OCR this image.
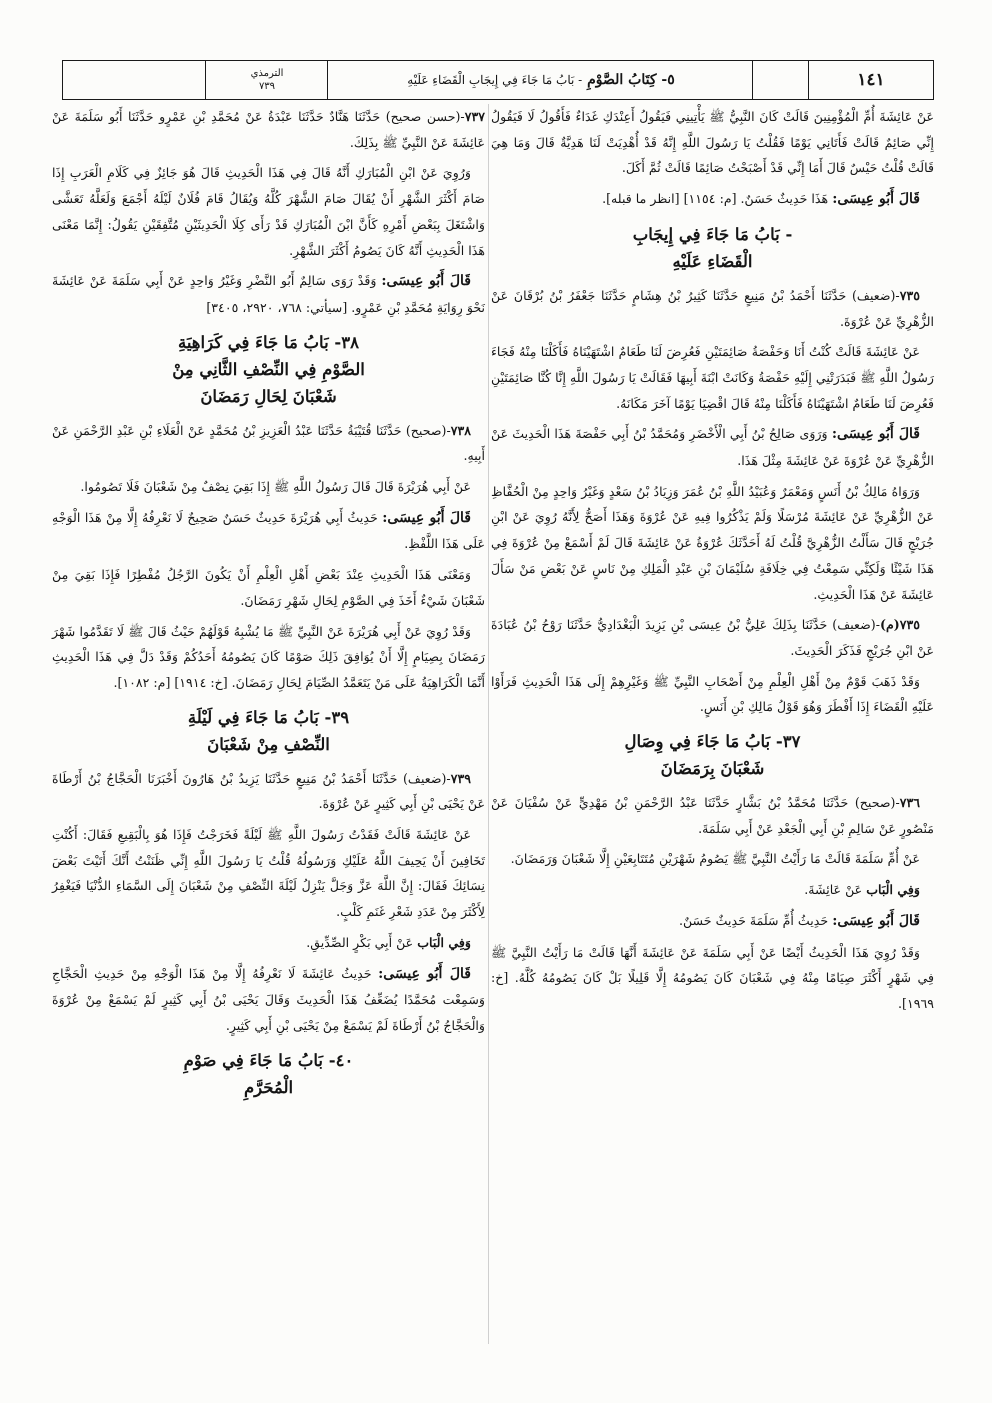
١٤١
٥- كِتَابُ الصَّوْمِ

- بَابُ مَا جَاءَ فِي إِيجَابِ الْقَضَاءِ عَلَيْهِ
الترمذي
٧٣٩

عَنْ عَائِشَةَ أُمِّ الْمُؤْمِنِينَ قَالَتْ كَانَ النَّبِيُّ ﷺ يَأْتِينِي فَيَقُولُ أَعِنْدَكِ غَدَاءٌ فَأَقُولُ لَا فَيَقُولُ إِنِّي صَائِمٌ قَالَتْ فَأَتَانِي يَوْمًا فَقُلْتُ يَا رَسُولَ اللَّهِ إِنَّهُ قَدْ أُهْدِيَتْ لَنَا هَدِيَّةٌ قَالَ وَمَا هِيَ قَالَتْ قُلْتُ حَيْسٌ قَالَ أَمَا إِنِّي قَدْ أَصْبَحْتُ صَائِمًا قَالَتْ ثُمَّ أَكَلَ.

قَالَ أَبُو عِيسَى: هَذَا حَدِيثٌ حَسَنٌ. [م: ١١٥٤] [انظر ما قبله].

- بَابُ مَا جَاءَ فِي إِيجَابِ
الْقَضَاءِ عَلَيْهِ

٧٣٥-(ضعيف) حَدَّثَنَا أَحْمَدُ بْنُ مَنِيعٍ حَدَّثَنَا كَثِيرُ بْنُ هِشَامٍ حَدَّثَنَا جَعْفَرُ بْنُ بُرْقَانَ عَنْ الزُّهْرِيِّ عَنْ عُرْوَةَ.

عَنْ عَائِشَةَ قَالَتْ كُنْتُ أَنَا وَحَفْصَةُ صَائِمَتَيْنِ فَعُرِضَ لَنَا طَعَامٌ اشْتَهَيْنَاهُ فَأَكَلْنَا مِنْهُ فَجَاءَ رَسُولُ اللَّهِ ﷺ فَبَدَرَتْنِي إِلَيْهِ حَفْصَةُ وَكَانَتْ ابْنَةَ أَبِيهَا فَقَالَتْ يَا رَسُولَ اللَّهِ إِنَّا كُنَّا صَائِمَتَيْنِ فَعُرِضَ لَنَا طَعَامٌ اشْتَهَيْنَاهُ فَأَكَلْنَا مِنْهُ قَالَ اقْضِيَا يَوْمًا آخَرَ مَكَانَهُ.

قَالَ أَبُو عِيسَى: وَرَوَى صَالِحُ بْنُ أَبِي الْأَخْضَرِ وَمُحَمَّدُ بْنُ أَبِي حَفْصَةَ هَذَا الْحَدِيثَ عَنْ الزُّهْرِيِّ عَنْ عُرْوَةَ عَنْ عَائِشَةَ مِثْلَ هَذَا.

وَرَوَاهُ مَالِكُ بْنُ أَنَسٍ وَمَعْمَرٌ وَعُبَيْدُ اللَّهِ بْنُ عُمَرَ وَزِيَادُ بْنُ سَعْدٍ وَغَيْرُ وَاحِدٍ مِنْ الْحُفَّاظِ عَنْ الزُّهْرِيِّ عَنْ عَائِشَةَ مُرْسَلًا وَلَمْ يَذْكُرُوا فِيهِ عَنْ عُرْوَةَ وَهَذَا أَصَحُّ لِأَنَّهُ رُوِيَ عَنْ ابْنِ جُرَيْجٍ قَالَ سَأَلْتُ الزُّهْرِيَّ قُلْتُ لَهُ أَحَدَّثَكَ عُرْوَةُ عَنْ عَائِشَةَ قَالَ لَمْ أَسْمَعْ مِنْ عُرْوَةَ فِي هَذَا شَيْئًا وَلَكِنِّي سَمِعْتُ فِي خِلَافَةِ سُلَيْمَانَ بْنِ عَبْدِ الْمَلِكِ مِنْ نَاسٍ عَنْ بَعْضِ مَنْ سَأَلَ عَائِشَةَ عَنْ هَذَا الْحَدِيثِ.

٧٣٥(م)-(ضعيف) حَدَّثَنَا بِذَلِكَ عَلِيُّ بْنُ عِيسَى بْنِ يَزِيدَ الْبَغْدَادِيُّ حَدَّثَنَا رَوْحُ بْنُ عُبَادَةَ عَنْ ابْنِ جُرَيْجٍ فَذَكَرَ الْحَدِيثَ.

وَقَدْ ذَهَبَ قَوْمٌ مِنْ أَهْلِ الْعِلْمِ مِنْ أَصْحَابِ النَّبِيِّ ﷺ وَغَيْرِهِمْ إِلَى هَذَا الْحَدِيثِ فَرَأَوْا عَلَيْهِ الْقَضَاءَ إِذَا أَفْطَرَ وَهُوَ قَوْلُ مَالِكِ بْنِ أَنَسٍ.

٣٧- بَابُ مَا جَاءَ فِي وِصَالِ
شَعْبَانَ بِرَمَضَانَ

٧٣٦-(صحيح) حَدَّثَنَا مُحَمَّدُ بْنُ بَشَّارٍ حَدَّثَنَا عَبْدُ الرَّحْمَنِ بْنُ مَهْدِيٍّ عَنْ سُفْيَانَ عَنْ مَنْصُورٍ عَنْ سَالِمِ بْنِ أَبِي الْجَعْدِ عَنْ أَبِي سَلَمَةَ.

عَنْ أُمِّ سَلَمَةَ قَالَتْ مَا رَأَيْتُ النَّبِيَّ ﷺ يَصُومُ شَهْرَيْنِ مُتَتَابِعَيْنِ إِلَّا شَعْبَانَ وَرَمَضَانَ.

وَفِي الْبَاب عَنْ عَائِشَةَ.

قَالَ أَبُو عِيسَى: حَدِيثُ أُمِّ سَلَمَةَ حَدِيثٌ حَسَنٌ.

وَقَدْ رُوِيَ هَذَا الْحَدِيثُ أَيْضًا عَنْ أَبِي سَلَمَةَ عَنْ عَائِشَةَ أَنَّهَا قَالَتْ مَا رَأَيْتُ النَّبِيَّ ﷺ فِي شَهْرٍ أَكْثَرَ صِيَامًا مِنْهُ فِي شَعْبَانَ كَانَ يَصُومُهُ إِلَّا قَلِيلًا بَلْ كَانَ يَصُومُهُ كُلَّهُ. [خ: ١٩٦٩].

٧٣٧-(حسن صحيح) حَدَّثَنَا هَنَّادٌ حَدَّثَنَا عَبْدَةُ عَنْ مُحَمَّدِ بْنِ عَمْرٍو حَدَّثَنَا أَبُو سَلَمَةَ عَنْ عَائِشَةَ عَنْ النَّبِيِّ ﷺ بِذَلِكَ.

وَرُوِيَ عَنْ ابْنِ الْمُبَارَكِ أَنَّهُ قَالَ فِي هَذَا الْحَدِيثِ قَالَ هُوَ جَائِزٌ فِي كَلَامِ الْعَرَبِ إِذَا صَامَ أَكْثَرَ الشَّهْرِ أَنْ يُقَالَ صَامَ الشَّهْرَ كُلَّهُ وَيُقَالُ قَامَ فُلَانٌ لَيْلَهُ أَجْمَعَ وَلَعَلَّهُ تَعَشَّى وَاشْتَغَلَ بِبَعْضِ أَمْرِهِ كَأَنَّ ابْنَ الْمُبَارَكِ قَدْ رَأَى كِلَا الْحَدِيثَيْنِ مُتَّفِقَيْنِ يَقُولُ: إِنَّمَا مَعْنَى هَذَا الْحَدِيثِ أَنَّهُ كَانَ يَصُومُ أَكْثَرَ الشَّهْرِ.

قَالَ أَبُو عِيسَى: وَقَدْ رَوَى سَالِمٌ أَبُو النَّضْرِ وَغَيْرُ وَاحِدٍ عَنْ أَبِي سَلَمَةَ عَنْ عَائِشَةَ نَحْوَ رِوَايَةِ مُحَمَّدِ بْنِ عَمْرٍو. [سيأتي: ٧٦٨، ٢٩٢٠، ٣٤٠٥]

٣٨- بَابُ مَا جَاءَ فِي كَرَاهِيَةِ
الصَّوْمِ فِي النِّصْفِ الثَّانِي مِنْ
شَعْبَانَ لِحَالِ رَمَضَانَ

٧٣٨-(صحيح) حَدَّثَنَا قُتَيْبَةُ حَدَّثَنَا عَبْدُ الْعَزِيزِ بْنُ مُحَمَّدٍ عَنْ الْعَلَاءِ بْنِ عَبْدِ الرَّحْمَنِ عَنْ أَبِيهِ.

عَنْ أَبِي هُرَيْرَةَ قَالَ قَالَ رَسُولُ اللَّهِ ﷺ إِذَا بَقِيَ نِصْفٌ مِنْ شَعْبَانَ فَلَا تَصُومُوا.

قَالَ أَبُو عِيسَى: حَدِيثُ أَبِي هُرَيْرَةَ حَدِيثٌ حَسَنٌ صَحِيحٌ لَا نَعْرِفُهُ إِلَّا مِنْ هَذَا الْوَجْهِ عَلَى هَذَا اللَّفْظِ.

وَمَعْنَى هَذَا الْحَدِيثِ عِنْدَ بَعْضِ أَهْلِ الْعِلْمِ أَنْ يَكُونَ الرَّجُلُ مُفْطِرًا فَإِذَا بَقِيَ مِنْ شَعْبَانَ شَيْءٌ أَخَذَ فِي الصَّوْمِ لِحَالِ شَهْرِ رَمَضَانَ.

وَقَدْ رُوِيَ عَنْ أَبِي هُرَيْرَةَ عَنْ النَّبِيِّ ﷺ مَا يُشْبِهُ قَوْلَهُمْ حَيْثُ قَالَ ﷺ لَا تَقَدَّمُوا شَهْرَ رَمَضَانَ بِصِيَامٍ إِلَّا أَنْ يُوَافِقَ ذَلِكَ صَوْمًا كَانَ يَصُومُهُ أَحَدُكُمْ وَقَدْ دَلَّ فِي هَذَا الْحَدِيثِ أَنَّمَا الْكَرَاهِيَةُ عَلَى مَنْ يَتَعَمَّدُ الصِّيَامَ لِحَالِ رَمَضَانَ. [خ: ١٩١٤] [م: ١٠٨٢].

٣٩- بَابُ مَا جَاءَ فِي لَيْلَةِ
النِّصْفِ مِنْ شَعْبَانَ

٧٣٩-(ضعيف) حَدَّثَنَا أَحْمَدُ بْنُ مَنِيعٍ حَدَّثَنَا يَزِيدُ بْنُ هَارُونَ أَخْبَرَنَا الْحَجَّاجُ بْنُ أَرْطَاةَ عَنْ يَحْيَى بْنِ أَبِي كَثِيرٍ عَنْ عُرْوَةَ.

عَنْ عَائِشَةَ قَالَتْ فَقَدْتُ رَسُولَ اللَّهِ ﷺ لَيْلَةً فَخَرَجْتُ فَإِذَا هُوَ بِالْبَقِيعِ فَقَالَ: أَكُنْتِ تَخَافِينَ أَنْ يَحِيفَ اللَّهُ عَلَيْكِ وَرَسُولُهُ قُلْتُ يَا رَسُولَ اللَّهِ إِنِّي ظَنَنْتُ أَنَّكَ أَتَيْتَ بَعْضَ نِسَائِكَ فَقَالَ: إِنَّ اللَّهَ عَزَّ وَجَلَّ يَنْزِلُ لَيْلَةَ النِّصْفِ مِنْ شَعْبَانَ إِلَى السَّمَاءِ الدُّنْيَا فَيَغْفِرُ لِأَكْثَرَ مِنْ عَدَدِ شَعْرِ غَنَمِ كَلْبٍ.

وَفِي الْبَاب عَنْ أَبِي بَكْرٍ الصِّدِّيقِ.

قَالَ أَبُو عِيسَى: حَدِيثُ عَائِشَةَ لَا نَعْرِفُهُ إِلَّا مِنْ هَذَا الْوَجْهِ مِنْ حَدِيثِ الْحَجَّاجِ وَسَمِعْت مُحَمَّدًا يُضَعِّفُ هَذَا الْحَدِيثَ وَقَالَ يَحْيَى بْنُ أَبِي كَثِيرٍ لَمْ يَسْمَعْ مِنْ عُرْوَةَ وَالْحَجَّاجُ بْنُ أَرْطَاةَ لَمْ يَسْمَعْ مِنْ يَحْيَى بْنِ أَبِي كَثِيرٍ.

٤٠- بَابُ مَا جَاءَ فِي صَوْمِ
الْمُحَرَّمِ
